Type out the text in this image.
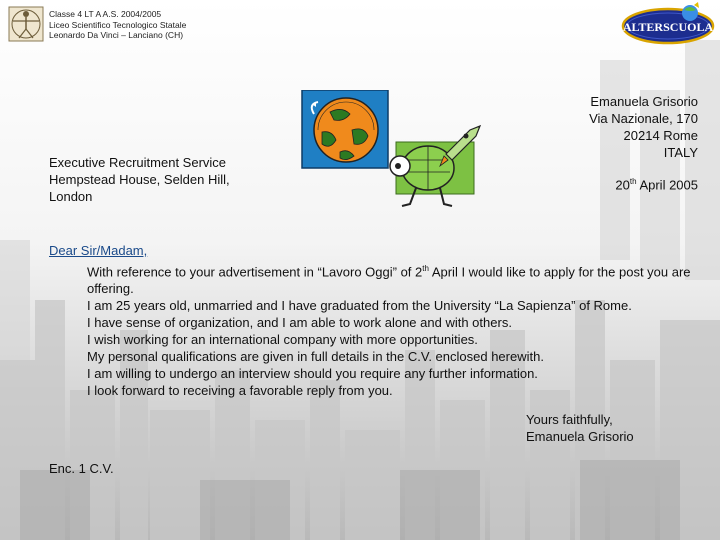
Classe 4 LT A A.S. 2004/2005
Liceo Scientifico Tecnologico Statale
Leonardo Da Vinci – Lanciano (CH)
ALTERSCUOLA
Executive Recruitment Service
Hempstead House, Selden Hill,
London
Emanuela Grisorio
Via Nazionale, 170
20214 Rome
ITALY
20th April 2005
Dear Sir/Madam,
With reference to your advertisement in “Lavoro Oggi” of 2th April I would like to apply for the post you are offering.
I am 25 years old, unmarried and I have graduated from the University “La Sapienza” of Rome.
I have sense of organization, and I am able to work alone and with others.
I wish working for an international company with more opportunities.
My personal qualifications are given in full details in the C.V. enclosed herewith.
I am willing to undergo an interview should you require any further information.
I look forward to receiving a favorable reply from you.
Yours faithfully,
Emanuela Grisorio
Enc. 1 C.V.
